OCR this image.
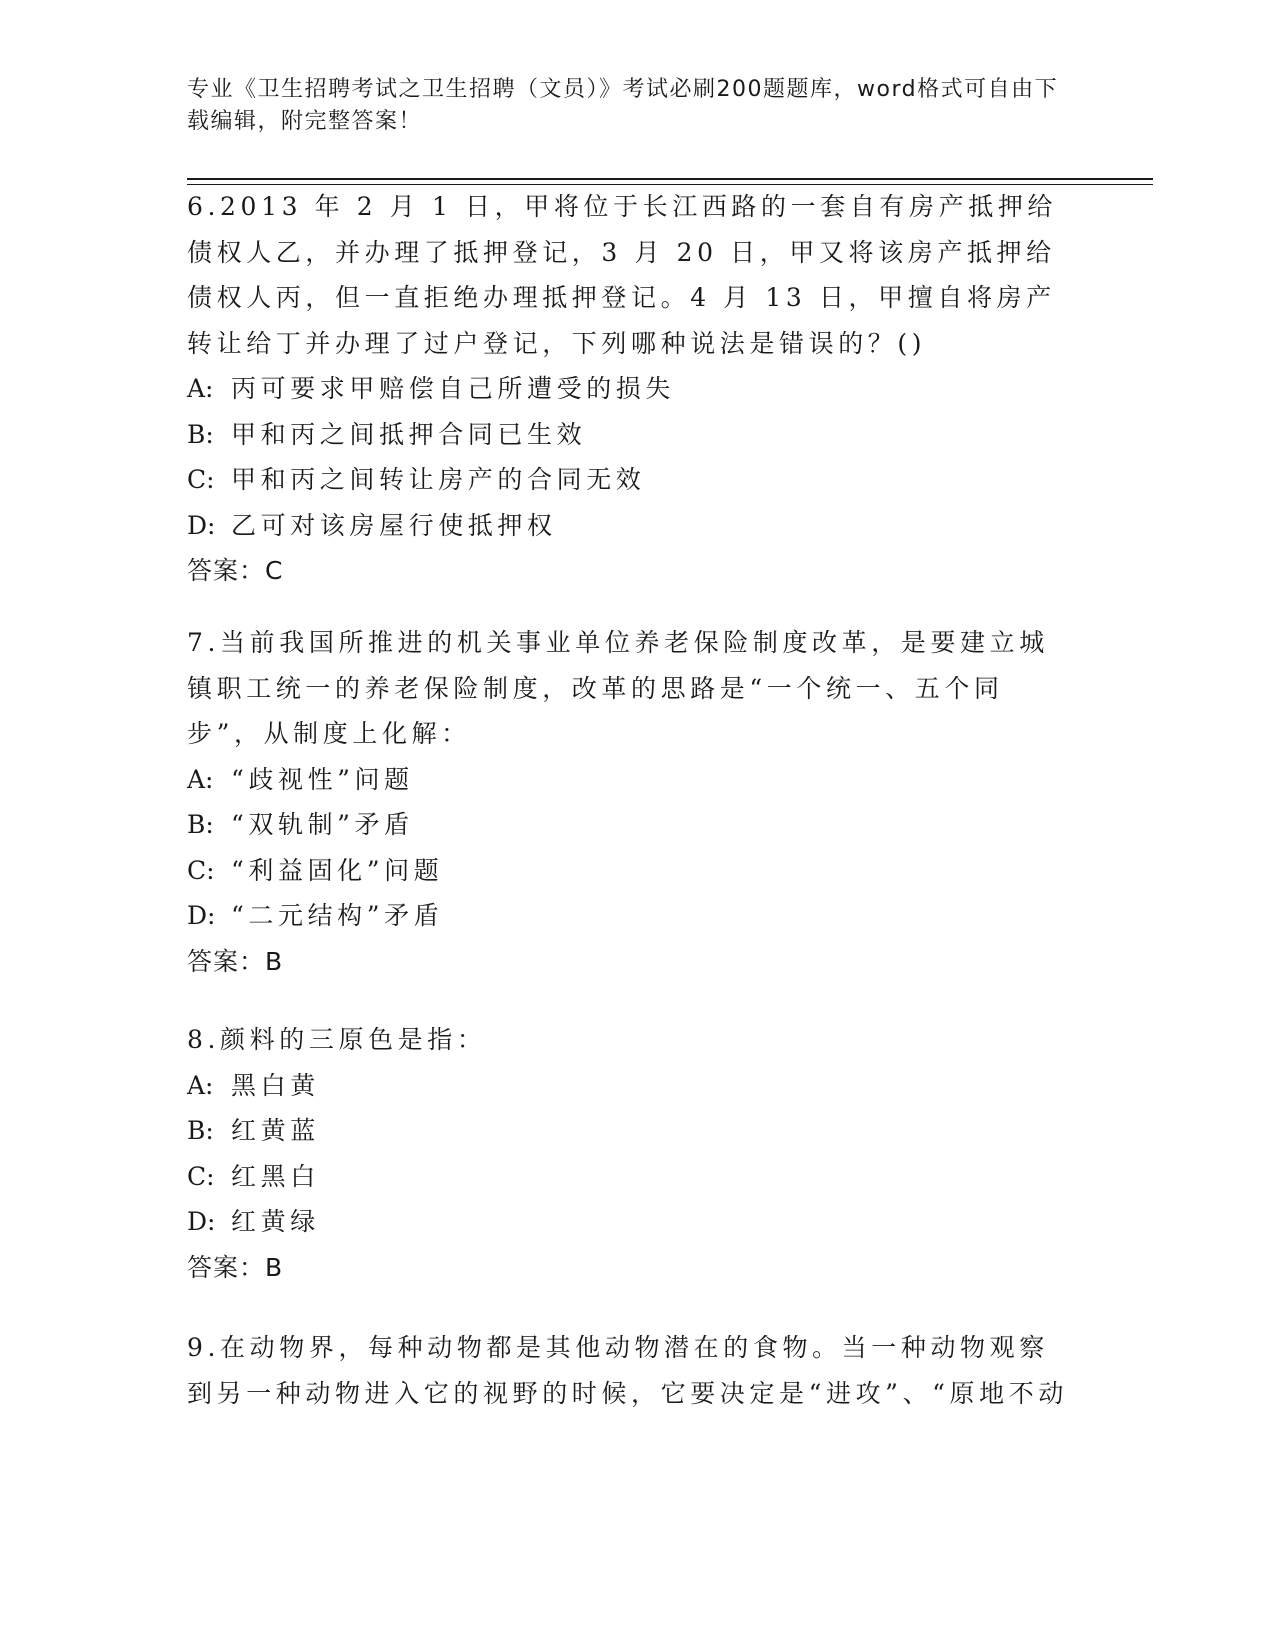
专业《卫生招聘考试之卫生招聘（文员）》考试必刷200题题库，word格式可自由下载编辑，附完整答案！

6.2013 年 2 月 1 日，甲将位于长江西路的一套自有房产抵押给债权人乙，并办理了抵押登记，3 月 20 日，甲又将该房产抵押给债权人丙，但一直拒绝办理抵押登记。4 月 13 日，甲擅自将房产转让给丁并办理了过户登记，下列哪种说法是错误的？()

A: 丙可要求甲赔偿自己所遭受的损失

B: 甲和丙之间抵押合同已生效

C: 甲和丙之间转让房产的合同无效

D: 乙可对该房屋行使抵押权

答案：C

7.当前我国所推进的机关事业单位养老保险制度改革，是要建立城镇职工统一的养老保险制度，改革的思路是“一个统一、五个同步”，从制度上化解：

A: “歧视性”问题

B: “双轨制”矛盾

C: “利益固化”问题

D: “二元结构”矛盾

答案：B

8.颜料的三原色是指：

A: 黑白黄

B: 红黄蓝

C: 红黑白

D: 红黄绿

答案：B

9.在动物界，每种动物都是其他动物潜在的食物。当一种动物观察到另一种动物进入它的视野的时候，它要决定是“进攻”、“原地不动
